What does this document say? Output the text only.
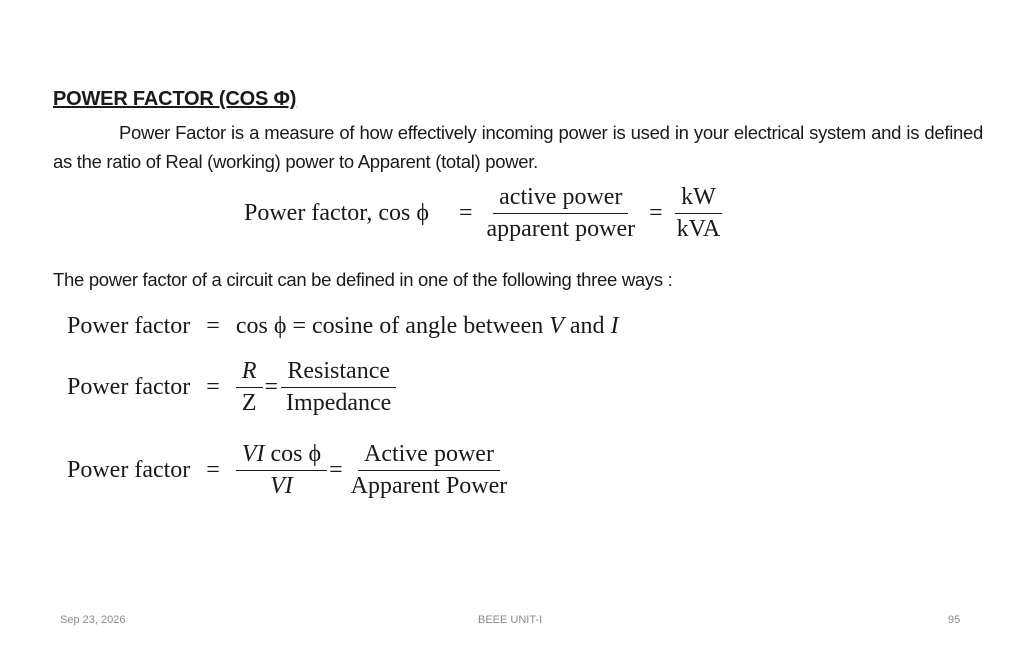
POWER FACTOR (COS Φ)
Power Factor is a measure of how effectively incoming power is used in your electrical system and is defined as the ratio of Real (working) power to Apparent (total) power.
Power factor, $\cos \phi = \frac{\text{active power}}{\text{apparent power}} = \frac{kW}{\text{kVA}}$
The power factor of a circuit can be defined in one of the following three ways :
Power factor = cos ϕ = cosine of angle between V and I
Power factor = $\frac{R}{Z} = \frac{\text{Resistance}}{\text{Impedance}}$
Power factor = $\frac{\text{VI cos ϕ}}{VI} = \frac{\text{Active power}}{\text{Apparent Power}}$
Sep 23, 2026	BEEE UNIT-I	95
